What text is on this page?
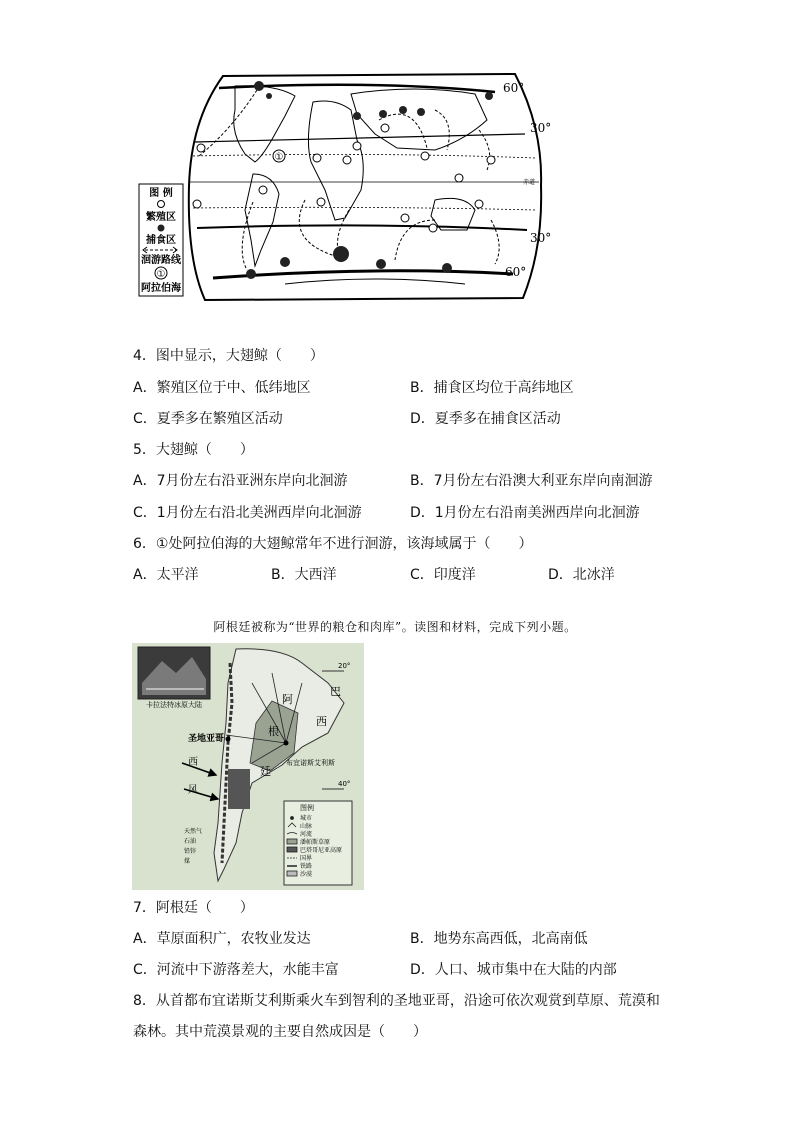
图 例
繁殖区
捕食区
洄游路线
①
阿拉伯海
60°
30°
30°
60°
赤道
①
4．图中显示，大翅鲸（　　）
A．繁殖区位于中、低纬地区	B．捕食区均位于高纬地区
C．夏季多在繁殖区活动	D．夏季多在捕食区活动
5．大翅鲸（　　）
A．7月份左右沿亚洲东岸向北洄游	B．7月份左右沿澳大利亚东岸向南洄游
C．1月份左右沿北美洲西岸向北洄游	D．1月份左右沿南美洲西岸向北洄游
6．①处阿拉伯海的大翅鲸常年不进行洄游，该海域属于（　　）
A．太平洋	B．大西洋	C．印度洋	D．北冰洋
阿根廷被称为“世界的粮仓和肉库”。读图和材料，完成下列小题。
卡拉法特冰原大陆
20°
40°
圣地亚哥
布宜诺斯艾利斯
西
风
阿
根
廷
巴
西
天然气
石油
铅锌
煤
图例
城市
山脉
河流
潘帕斯草原
巴塔哥尼亚高原
国界
铁路
沙漠
7．阿根廷（　　）
A．草原面积广，农牧业发达	B．地势东高西低，北高南低
C．河流中下游落差大，水能丰富	D．人口、城市集中在大陆的内部
8．从首都布宜诺斯艾利斯乘火车到智利的圣地亚哥，沿途可依次观赏到草原、荒漠和
森林。其中荒漠景观的主要自然成因是（　　）
